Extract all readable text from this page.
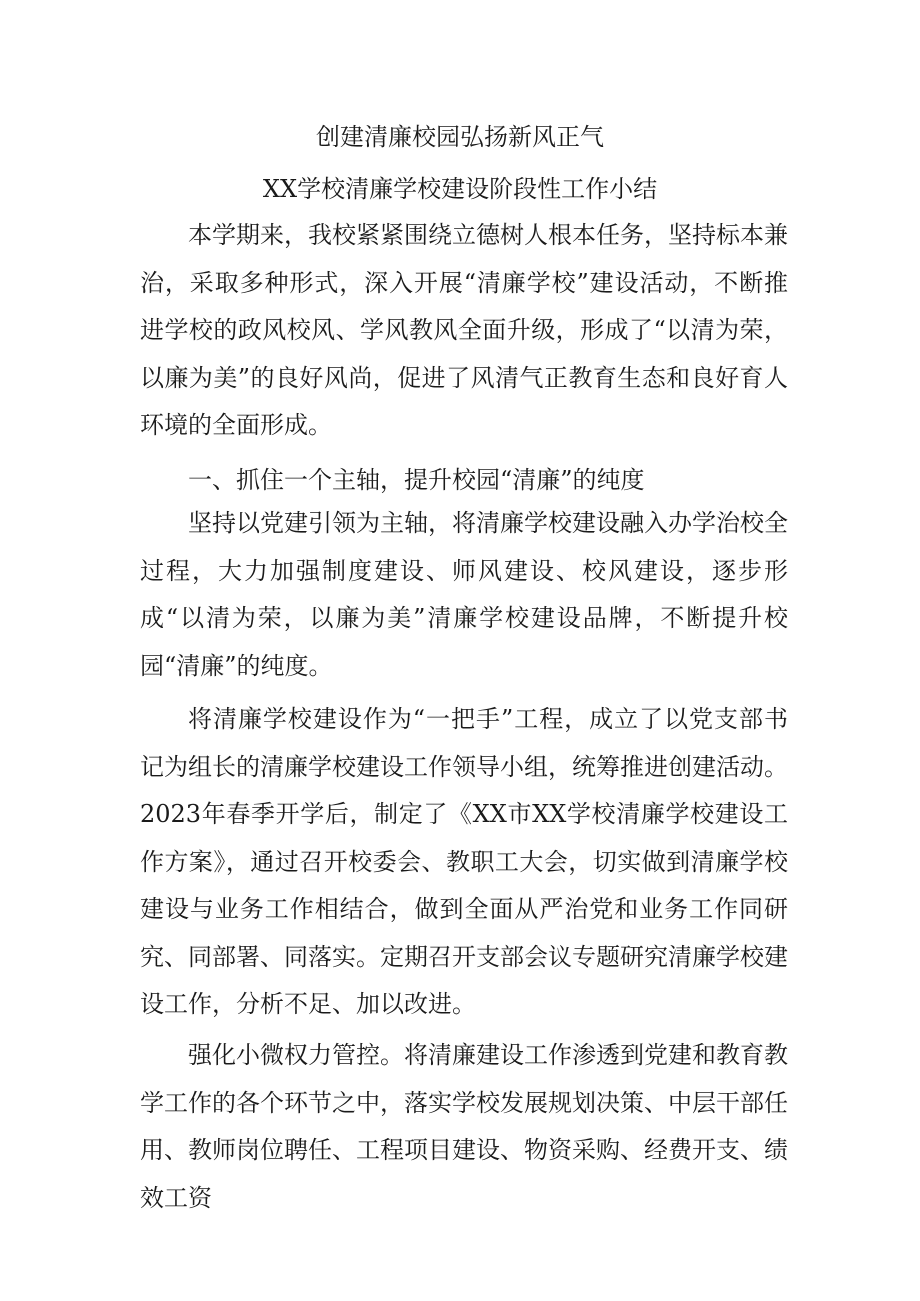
创建清廉校园弘扬新风正气
XX学校清廉学校建设阶段性工作小结

本学期来，我校紧紧围绕立德树人根本任务，坚持标本兼治，采取多种形式，深入开展“清廉学校”建设活动，不断推进学校的政风校风、学风教风全面升级，形成了“以清为荣，以廉为美”的良好风尚，促进了风清气正教育生态和良好育人环境的全面形成。

一、抓住一个主轴，提升校园“清廉”的纯度

坚持以党建引领为主轴，将清廉学校建设融入办学治校全过程，大力加强制度建设、师风建设、校风建设，逐步形成“以清为荣，以廉为美”清廉学校建设品牌，不断提升校园“清廉”的纯度。

将清廉学校建设作为“一把手”工程，成立了以党支部书记为组长的清廉学校建设工作领导小组，统筹推进创建活动。2023年春季开学后，制定了《XX市XX学校清廉学校建设工作方案》，通过召开校委会、教职工大会，切实做到清廉学校建设与业务工作相结合，做到全面从严治党和业务工作同研究、同部署、同落实。定期召开支部会议专题研究清廉学校建设工作，分析不足、加以改进。

强化小微权力管控。将清廉建设工作渗透到党建和教育教学工作的各个环节之中，落实学校发展规划决策、中层干部任用、教师岗位聘任、工程项目建设、物资采购、经费开支、绩效工资
